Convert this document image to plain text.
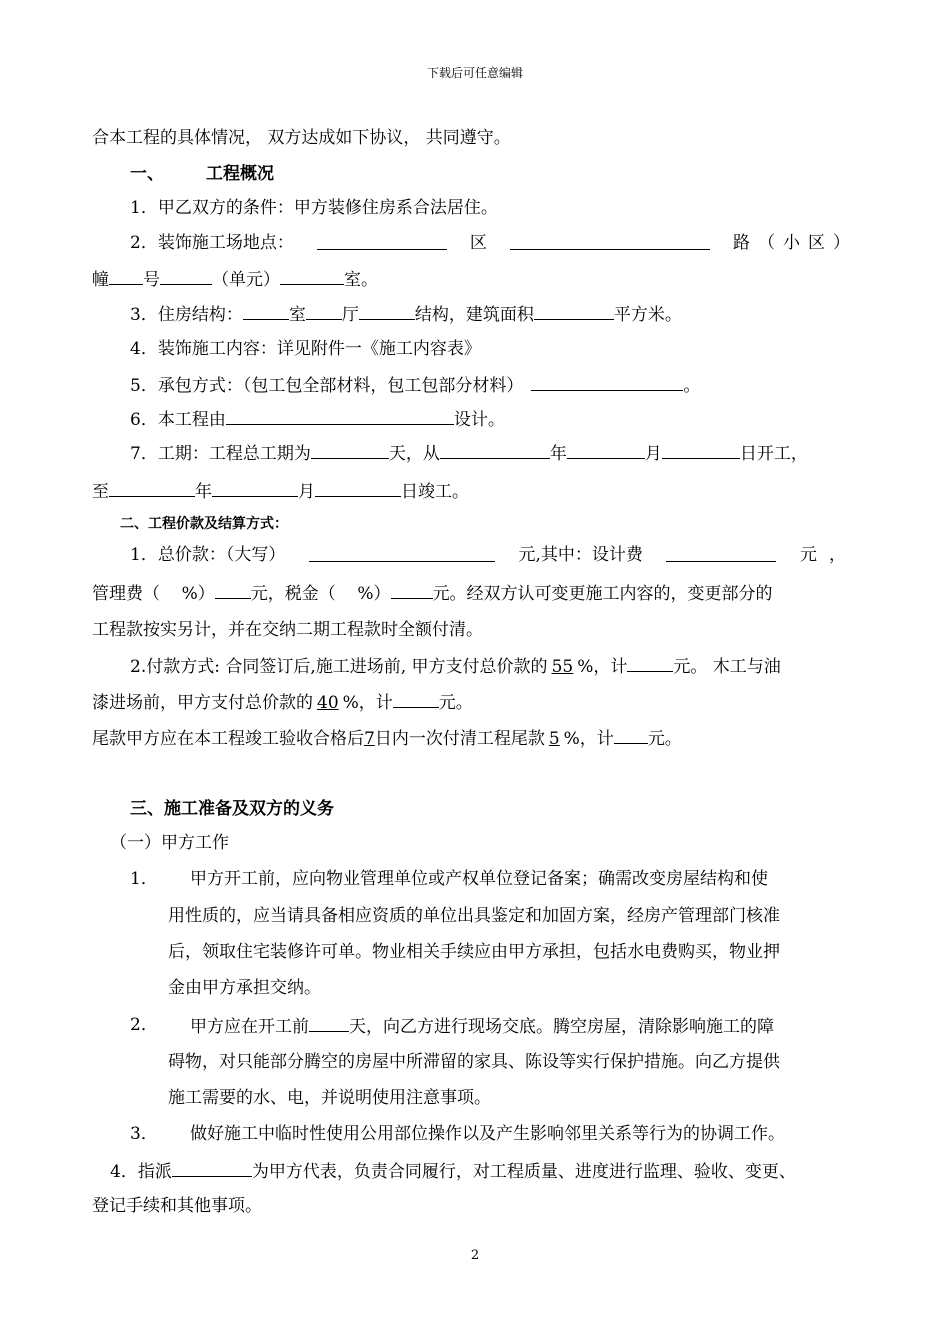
下载后可任意编辑
合本工程的具体情况， 双方达成如下协议， 共同遵守。
一、 工程概况
1．甲乙双方的条件：甲方装修住房系合法居住。
2．装饰施工场地点：	区	路（小区）
幢 号	（单元）	室。
3．住房结构：	室 厅	结构，建筑面积	平方米。
4．装饰施工内容：详见附件一《施工内容表》
5．承包方式：（包工包全部材料，包工包部分材料）	。
6．本工程由	设计。
7．工期：工程总工期为	天，从	年	月	日开工，
至	年	月	日竣工。
二、工程价款及结算方式：
1．总价款：（大写）	元,其中：设计费	元，
管理费（    %） 元，税金（    %） 元。经双方认可变更施工内容的，变更部分的
工程款按实另计，并在交纳二期工程款时全额付清。
2.付款方式: 合同签订后,施工进场前, 甲方支付总价款的 55 %，计	元。 木工与油
漆进场前，甲方支付总价款的 40 %，计	元。
尾款甲方应在本工程竣工验收合格后7日内一次付清工程尾款 5 %，计 元。
三、施工准备及双方的义务
（一）甲方工作
1． 甲方开工前，应向物业管理单位或产权单位登记备案；确需改变房屋结构和使
用性质的，应当请具备相应资质的单位出具鉴定和加固方案，经房产管理部门核准
后，领取住宅装修许可单。物业相关手续应由甲方承担，包括水电费购买，物业押
金由甲方承担交纳。
2． 甲方应在开工前 天，向乙方进行现场交底。腾空房屋，清除影响施工的障
碍物，对只能部分腾空的房屋中所滞留的家具、陈设等实行保护措施。向乙方提供
施工需要的水、电，并说明使用注意事项。
3． 做好施工中临时性使用公用部位操作以及产生影响邻里关系等行为的协调工作。
4．指派	为甲方代表，负责合同履行，对工程质量、进度进行监理、验收、变更、
登记手续和其他事项。
2
